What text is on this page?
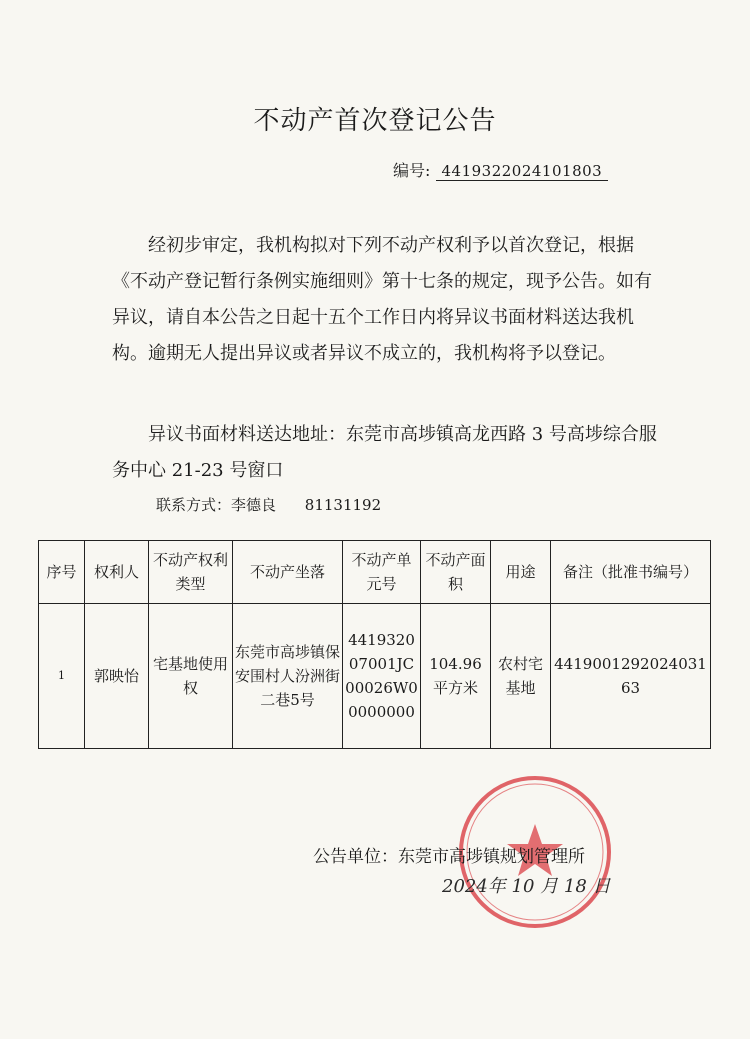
不动产首次登记公告
编号: 4419322024101803

经初步审定，我机构拟对下列不动产权利予以首次登记，根据《不动产登记暂行条例实施细则》第十七条的规定，现予公告。如有异议，请自本公告之日起十五个工作日内将异议书面材料送达我机构。逾期无人提出异议或者异议不成立的，我机构将予以登记。

异议书面材料送达地址：东莞市高埗镇高龙西路 3 号高埗综合服务中心 21-23 号窗口

联系方式：李德良 81131192
序号	权利人	不动产权利类型	不动产坐落	不动产单元号	不动产面积	用途	备注（批准书编号）
1	郭映怡	宅基地使用权	东莞市高埗镇保安围村人汾洲街二巷5号	441932007001JC00026W00000000	104.96平方米	农村宅基地	441900129202403163
公告单位：东莞市高埗镇规划管理所
2024年 10 月 18 日
